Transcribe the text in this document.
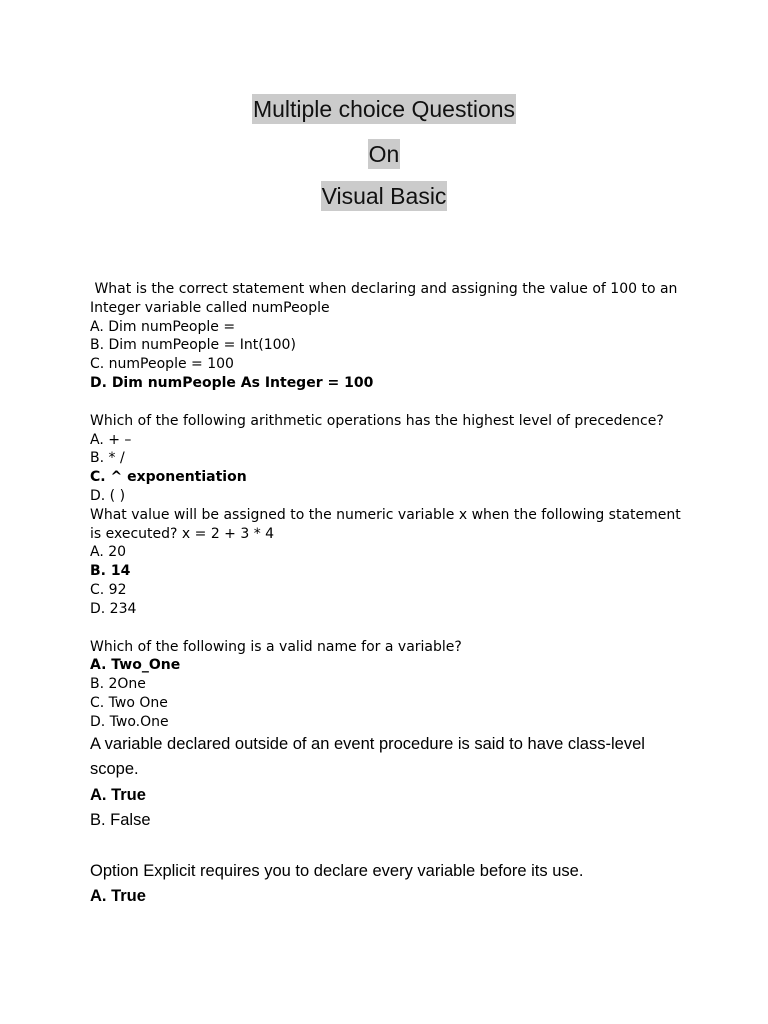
Multiple choice Questions
On
Visual Basic
What is the correct statement when declaring and assigning the value of 100 to an
Integer variable called numPeople
A. Dim numPeople =
B. Dim numPeople = Int(100)
C. numPeople = 100
D. Dim numPeople As Integer = 100
Which of the following arithmetic operations has the highest level of precedence?
A. + –
B. * /
C. ^ exponentiation
D. ( )
What value will be assigned to the numeric variable x when the following statement
is executed? x = 2 + 3 * 4
A. 20
B. 14
C. 92
D. 234
Which of the following is a valid name for a variable?
A. Two_One
B. 2One
C. Two One
D. Two.One
A variable declared outside of an event procedure is said to have class-level
scope.
A. True
B. False
Option Explicit requires you to declare every variable before its use.
A. True
